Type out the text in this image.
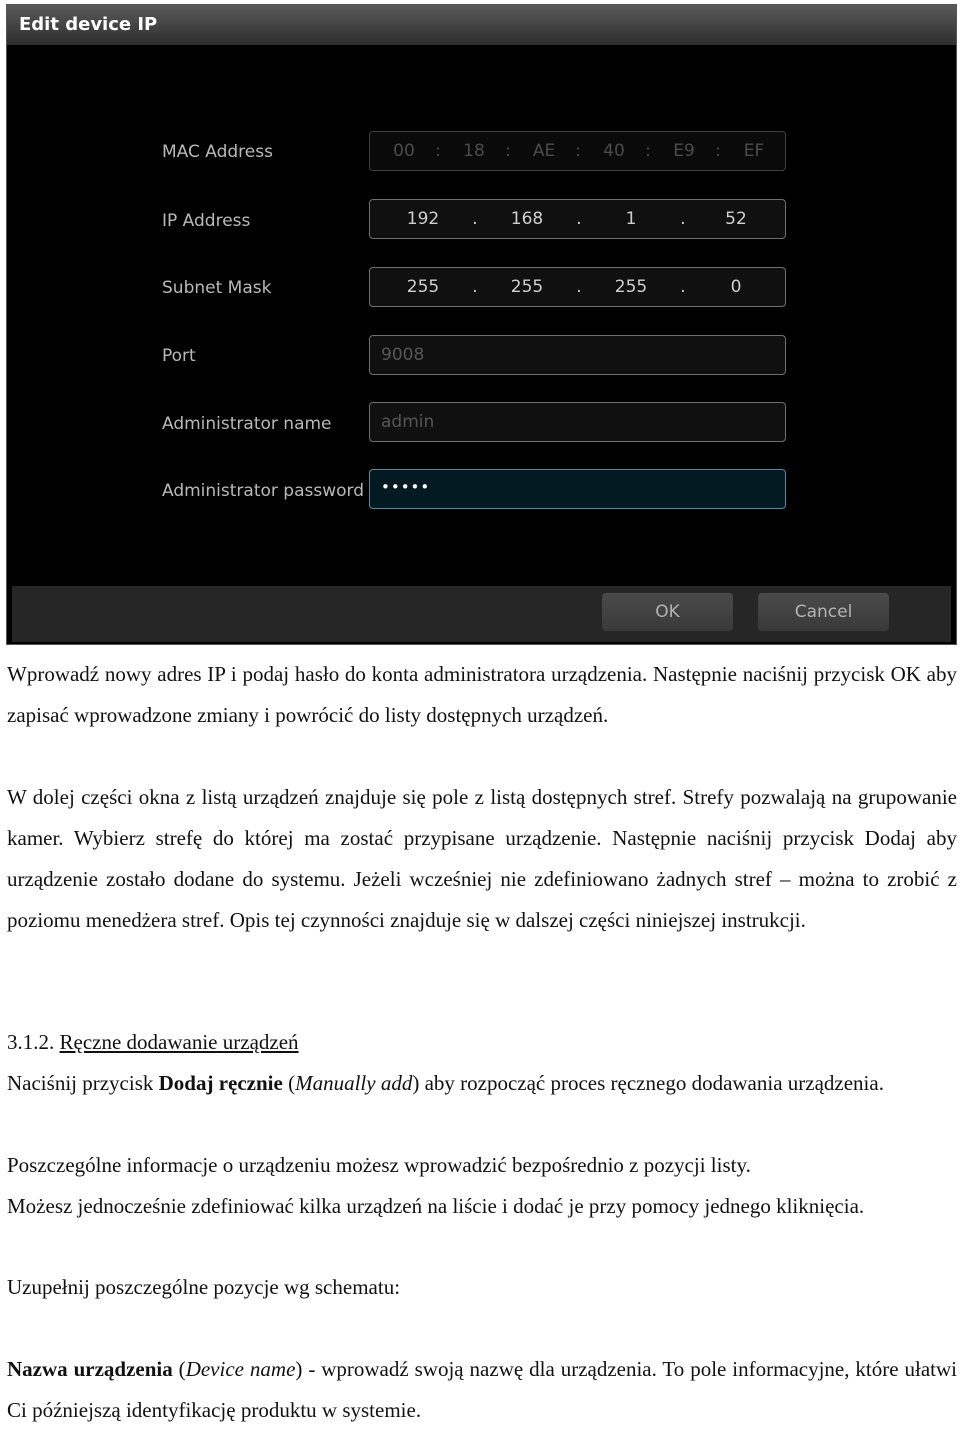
Edit device IP
MAC Address	00	:	18	:	AE	:	40	:	E9	:	EF
IP Address	192	.	168	.	1	.	52
Subnet Mask	255	.	255	.	255	.	0
Port	9008
Administrator name	admin
Administrator password •••••
OK	Cancel

Wprowadź nowy adres IP i podaj hasło do konta administratora urządzenia. Następnie naciśnij przycisk OK aby zapisać wprowadzone zmiany i powrócić do listy dostępnych urządzeń.

W dolej części okna z listą urządzeń znajduje się pole z listą dostępnych stref. Strefy pozwalają na grupowanie kamer. Wybierz strefę do której ma zostać przypisane urządzenie. Następnie naciśnij przycisk Dodaj aby urządzenie zostało dodane do systemu. Jeżeli wcześniej nie zdefiniowano żadnych stref – można to zrobić z poziomu menedżera stref. Opis tej czynności znajduje się w dalszej części niniejszej instrukcji.

3.1.2. Ręczne dodawanie urządzeń

Naciśnij przycisk Dodaj ręcznie (Manually add) aby rozpocząć proces ręcznego dodawania urządzenia.

Poszczególne informacje o urządzeniu możesz wprowadzić bezpośrednio z pozycji listy.

Możesz jednocześnie zdefiniować kilka urządzeń na liście i dodać je przy pomocy jednego kliknięcia.

Uzupełnij poszczególne pozycje wg schematu:

Nazwa urządzenia (Device name) - wprowadź swoją nazwę dla urządzenia. To pole informacyjne, które ułatwi Ci późniejszą identyfikację produktu w systemie.
